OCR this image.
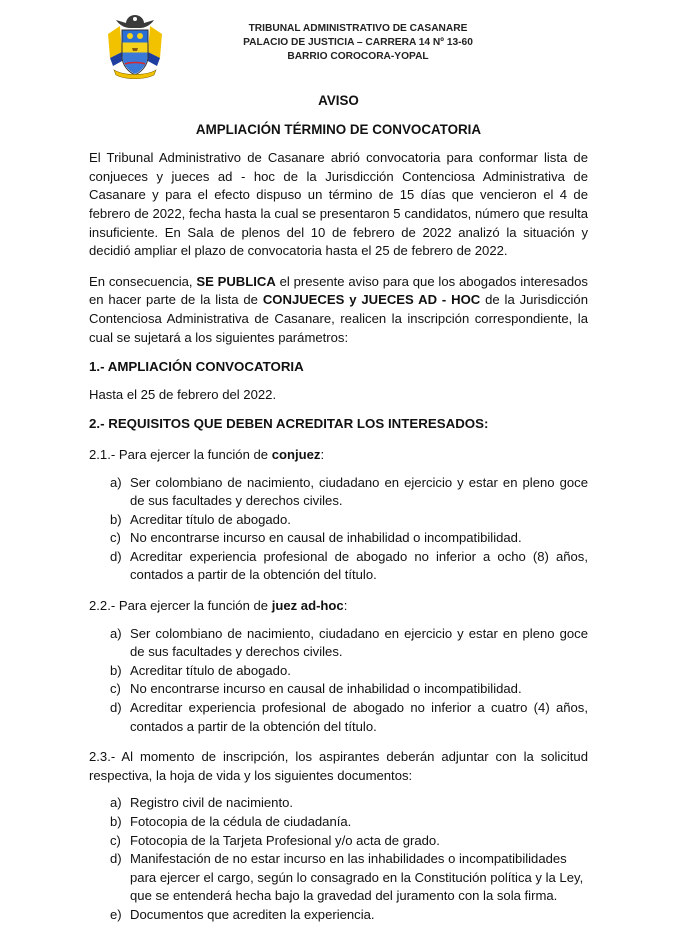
TRIBUNAL ADMINISTRATIVO DE CASANARE
PALACIO DE JUSTICIA – CARRERA 14 Nº 13-60
BARRIO COROCORA-YOPAL

AVISO

AMPLIACIÓN TÉRMINO DE CONVOCATORIA

El Tribunal Administrativo de Casanare abrió convocatoria para conformar lista de conjueces y jueces ad - hoc de la Jurisdicción Contenciosa Administrativa de Casanare y para el efecto dispuso un término de 15 días que vencieron el 4 de febrero de 2022, fecha hasta la cual se presentaron 5 candidatos, número que resulta insuficiente. En Sala de plenos del 10 de febrero de 2022 analizó la situación y decidió ampliar el plazo de convocatoria hasta el 25 de febrero de 2022.

En consecuencia, SE PUBLICA el presente aviso para que los abogados interesados en hacer parte de la lista de CONJUECES y JUECES AD - HOC de la Jurisdicción Contenciosa Administrativa de Casanare, realicen la inscripción correspondiente, la cual se sujetará a los siguientes parámetros:

1.- AMPLIACIÓN CONVOCATORIA

Hasta el 25 de febrero del 2022.

2.- REQUISITOS QUE DEBEN ACREDITAR LOS INTERESADOS:

2.1.- Para ejercer la función de conjuez:

a) Ser colombiano de nacimiento, ciudadano en ejercicio y estar en pleno goce de sus facultades y derechos civiles.
b) Acreditar título de abogado.
c) No encontrarse incurso en causal de inhabilidad o incompatibilidad.
d) Acreditar experiencia profesional de abogado no inferior a ocho (8) años, contados a partir de la obtención del título.

2.2.- Para ejercer la función de juez ad-hoc:

a) Ser colombiano de nacimiento, ciudadano en ejercicio y estar en pleno goce de sus facultades y derechos civiles.
b) Acreditar título de abogado.
c) No encontrarse incurso en causal de inhabilidad o incompatibilidad.
d) Acreditar experiencia profesional de abogado no inferior a cuatro (4) años, contados a partir de la obtención del título.

2.3.- Al momento de inscripción, los aspirantes deberán adjuntar con la solicitud respectiva, la hoja de vida y los siguientes documentos:

a) Registro civil de nacimiento.
b) Fotocopia de la cédula de ciudadanía.
c) Fotocopia de la Tarjeta Profesional y/o acta de grado.
d) Manifestación de no estar incurso en las inhabilidades o incompatibilidades para ejercer el cargo, según lo consagrado en la Constitución política y la Ley, que se entenderá hecha bajo la gravedad del juramento con la sola firma.
e) Documentos que acrediten la experiencia.
